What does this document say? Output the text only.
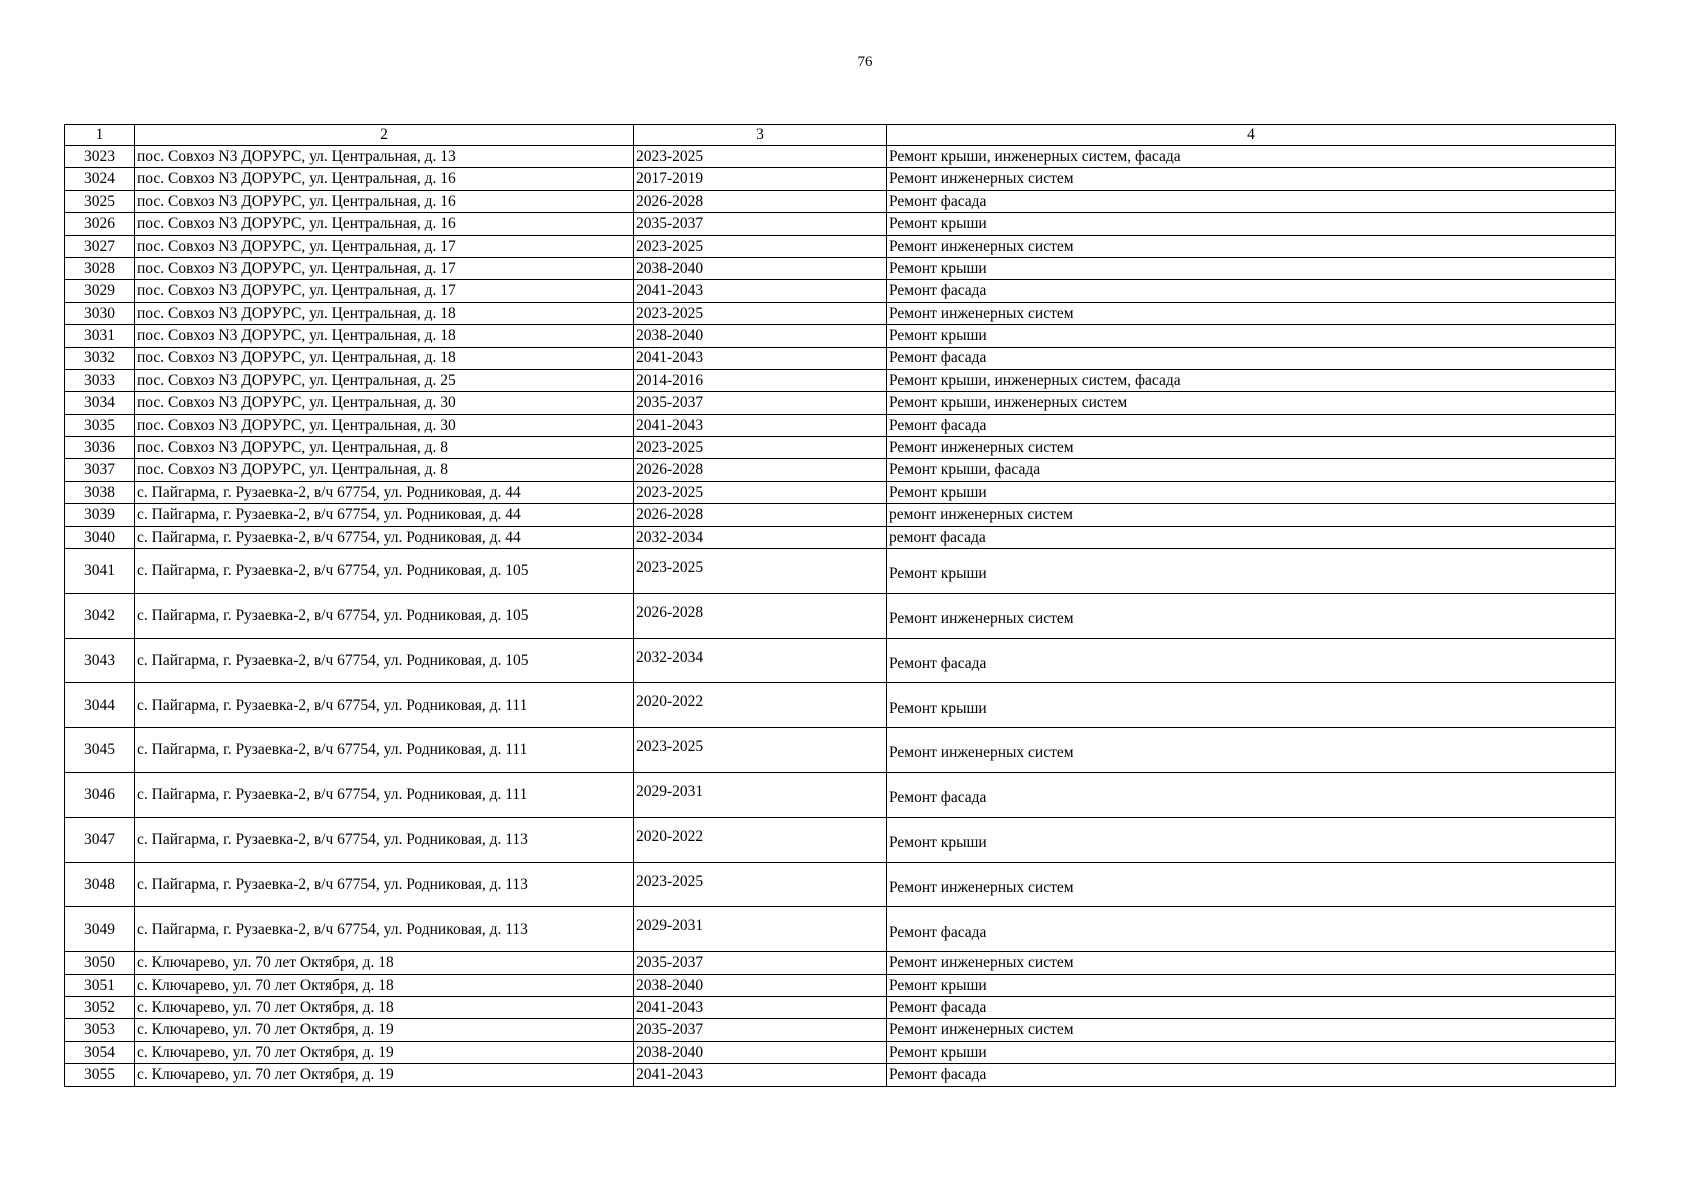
76
1	2	3	4
3023	пос. Совхоз N3 ДОРУРС, ул. Центральная, д. 13	2023-2025	Ремонт крыши, инженерных систем, фасада
3024	пос. Совхоз N3 ДОРУРС, ул. Центральная, д. 16	2017-2019	Ремонт инженерных систем
3025	пос. Совхоз N3 ДОРУРС, ул. Центральная, д. 16	2026-2028	Ремонт фасада
3026	пос. Совхоз N3 ДОРУРС, ул. Центральная, д. 16	2035-2037	Ремонт крыши
3027	пос. Совхоз N3 ДОРУРС, ул. Центральная, д. 17	2023-2025	Ремонт инженерных систем
3028	пос. Совхоз N3 ДОРУРС, ул. Центральная, д. 17	2038-2040	Ремонт крыши
3029	пос. Совхоз N3 ДОРУРС, ул. Центральная, д. 17	2041-2043	Ремонт фасада
3030	пос. Совхоз N3 ДОРУРС, ул. Центральная, д. 18	2023-2025	Ремонт инженерных систем
3031	пос. Совхоз N3 ДОРУРС, ул. Центральная, д. 18	2038-2040	Ремонт крыши
3032	пос. Совхоз N3 ДОРУРС, ул. Центральная, д. 18	2041-2043	Ремонт фасада
3033	пос. Совхоз N3 ДОРУРС, ул. Центральная, д. 25	2014-2016	Ремонт крыши, инженерных систем, фасада
3034	пос. Совхоз N3 ДОРУРС, ул. Центральная, д. 30	2035-2037	Ремонт крыши, инженерных систем
3035	пос. Совхоз N3 ДОРУРС, ул. Центральная, д. 30	2041-2043	Ремонт фасада
3036	пос. Совхоз N3 ДОРУРС, ул. Центральная, д. 8	2023-2025	Ремонт инженерных систем
3037	пос. Совхоз N3 ДОРУРС, ул. Центральная, д. 8	2026-2028	Ремонт крыши, фасада
3038	с. Пайгарма, г. Рузаевка-2, в/ч 67754, ул. Родниковая, д. 44	2023-2025	Ремонт крыши
3039	с. Пайгарма, г. Рузаевка-2, в/ч 67754, ул. Родниковая, д. 44	2026-2028	ремонт инженерных систем
3040	с. Пайгарма, г. Рузаевка-2, в/ч 67754, ул. Родниковая, д. 44	2032-2034	ремонт фасада
3041	с. Пайгарма, г. Рузаевка-2, в/ч 67754, ул. Родниковая, д. 105	2023-2025	Ремонт крыши
3042	с. Пайгарма, г. Рузаевка-2, в/ч 67754, ул. Родниковая, д. 105	2026-2028	Ремонт инженерных систем
3043	с. Пайгарма, г. Рузаевка-2, в/ч 67754, ул. Родниковая, д. 105	2032-2034	Ремонт фасада
3044	с. Пайгарма, г. Рузаевка-2, в/ч 67754, ул. Родниковая, д. 111	2020-2022	Ремонт крыши
3045	с. Пайгарма, г. Рузаевка-2, в/ч 67754, ул. Родниковая, д. 111	2023-2025	Ремонт инженерных систем
3046	с. Пайгарма, г. Рузаевка-2, в/ч 67754, ул. Родниковая, д. 111	2029-2031	Ремонт фасада
3047	с. Пайгарма, г. Рузаевка-2, в/ч 67754, ул. Родниковая, д. 113	2020-2022	Ремонт крыши
3048	с. Пайгарма, г. Рузаевка-2, в/ч 67754, ул. Родниковая, д. 113	2023-2025	Ремонт инженерных систем
3049	с. Пайгарма, г. Рузаевка-2, в/ч 67754, ул. Родниковая, д. 113	2029-2031	Ремонт фасада
3050	с. Ключарево, ул. 70 лет Октября, д. 18	2035-2037	Ремонт инженерных систем
3051	с. Ключарево, ул. 70 лет Октября, д. 18	2038-2040	Ремонт крыши
3052	с. Ключарево, ул. 70 лет Октября, д. 18	2041-2043	Ремонт фасада
3053	с. Ключарево, ул. 70 лет Октября, д. 19	2035-2037	Ремонт инженерных систем
3054	с. Ключарево, ул. 70 лет Октября, д. 19	2038-2040	Ремонт крыши
3055	с. Ключарево, ул. 70 лет Октября, д. 19	2041-2043	Ремонт фасада
